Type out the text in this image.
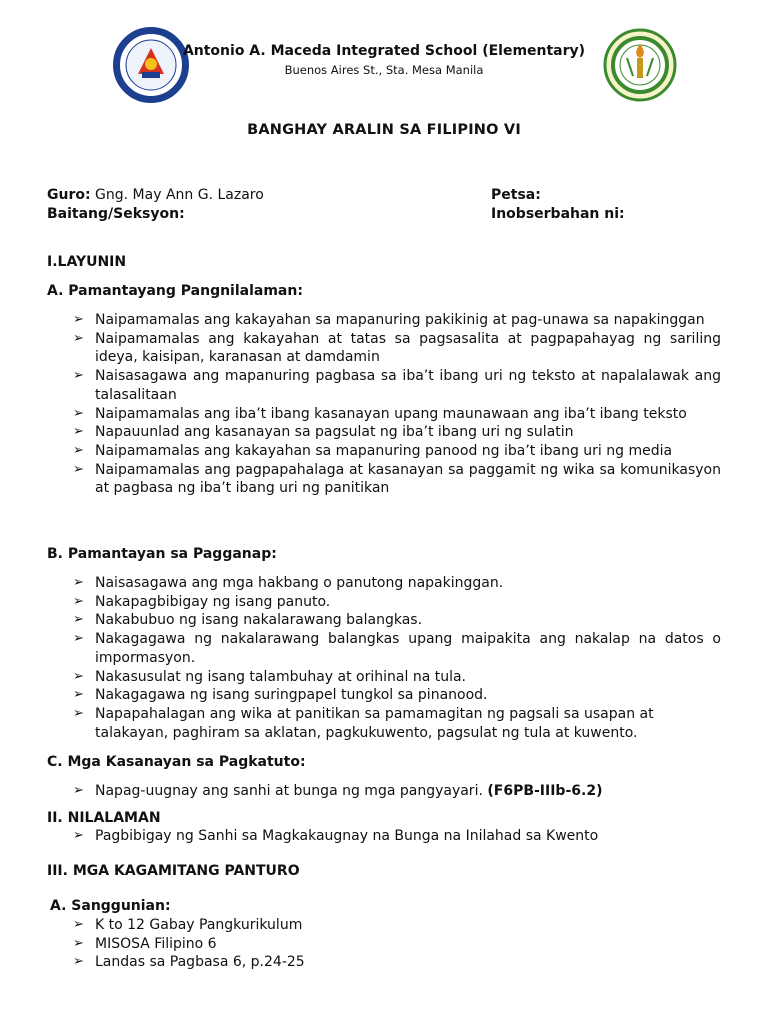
Antonio A. Maceda Integrated School (Elementary)
Buenos Aires St., Sta. Mesa Manila
BANGHAY ARALIN SA FILIPINO VI
Guro: Gng. May Ann G. Lazaro
Baitang/Seksyon:
Petsa:
Inobserbahan ni:
I.LAYUNIN
A. Pamantayang Pangnilalaman:
➢ Naipamamalas ang kakayahan sa mapanuring pakikinig at pag-unawa sa napakinggan
➢ Naipamamalas ang kakayahan at tatas sa pagsasalita at pagpapahayag ng sariling ideya, kaisipan, karanasan at damdamin
➢ Naisasagawa ang mapanuring pagbasa sa iba’t ibang uri ng teksto at napalalawak ang talasalitaan
➢ Naipamamalas ang iba’t ibang kasanayan upang maunawaan ang iba’t ibang teksto
➢ Napauunlad ang kasanayan sa pagsulat ng iba’t ibang uri ng sulatin
➢ Naipamamalas ang kakayahan sa mapanuring panood ng iba’t ibang uri ng media
➢ Naipamamalas ang pagpapahalaga at kasanayan sa paggamit ng wika sa komunikasyon at pagbasa ng iba’t ibang uri ng panitikan
B. Pamantayan sa Pagganap:
➢ Naisasagawa ang mga hakbang o panutong napakinggan.
➢ Nakapagbibigay ng isang panuto.
➢ Nakabubuo ng isang nakalarawang balangkas.
➢ Nakagagawa ng nakalarawang balangkas upang maipakita ang nakalap na datos o impormasyon.
➢ Nakasusulat ng isang talambuhay at orihinal na tula.
➢ Nakagagawa ng isang suringpapel tungkol sa pinanood.
➢ Napapahalagan ang wika at panitikan sa pamamagitan ng pagsali sa usapan at talakayan, paghiram sa aklatan, pagkukuwento, pagsulat ng tula at kuwento.
C. Mga Kasanayan sa Pagkatuto:
➢ Napag-uugnay ang sanhi at bunga ng mga pangyayari. (F6PB-IIIb-6.2)
II. NILALAMAN
➢ Pagbibigay ng Sanhi sa Magkakaugnay na Bunga na Inilahad sa Kwento
III. MGA KAGAMITANG PANTURO
A. Sanggunian:
➢ K to 12 Gabay Pangkurikulum
➢ MISOSA Filipino 6
➢ Landas sa Pagbasa 6, p.24-25
